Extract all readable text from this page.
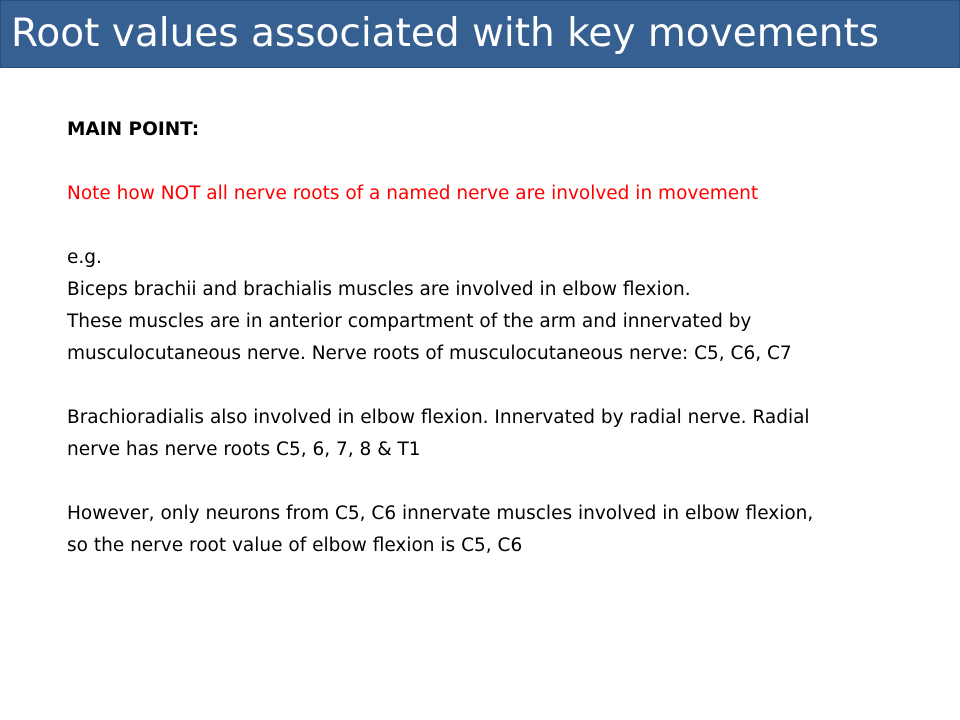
Root values associated with key movements
MAIN POINT:
Note how NOT all nerve roots of a named nerve are involved in movement
e.g.
Biceps brachii and brachialis muscles are involved in elbow flexion.
These muscles are in anterior compartment of the arm and innervated by
musculocutaneous nerve. Nerve roots of musculocutaneous nerve: C5, C6, C7
Brachioradialis also involved in elbow flexion. Innervated by radial nerve. Radial
nerve has nerve roots C5, 6, 7, 8 & T1
However, only neurons from C5, C6 innervate muscles involved in elbow flexion,
so the nerve root value of elbow flexion is C5, C6
